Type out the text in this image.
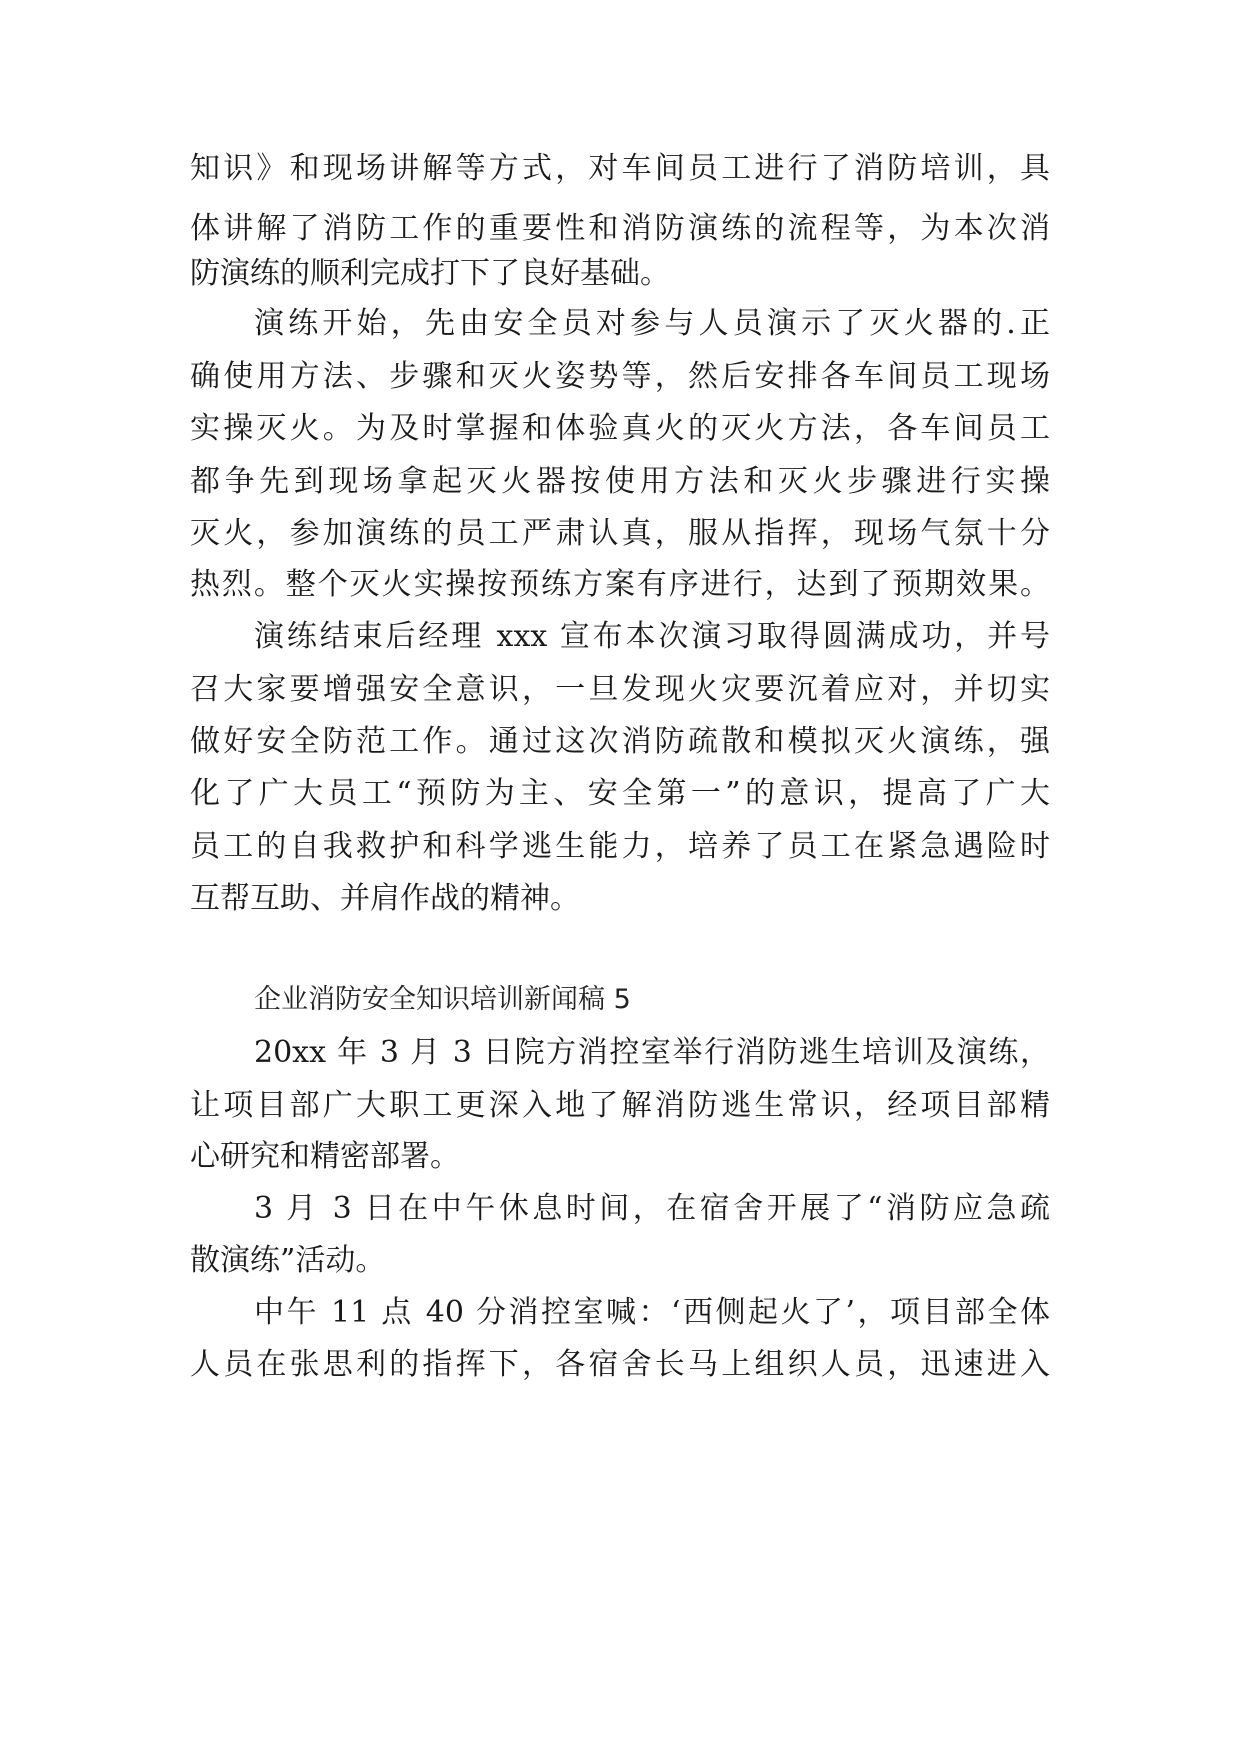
知识》和现场讲解等方式，对车间员工进行了消防培训，具
体讲解了消防工作的重要性和消防演练的流程等，为本次消
防演练的顺利完成打下了良好基础。
演练开始，先由安全员对参与人员演示了灭火器的.正
确使用方法、步骤和灭火姿势等，然后安排各车间员工现场
实操灭火。为及时掌握和体验真火的灭火方法，各车间员工
都争先到现场拿起灭火器按使用方法和灭火步骤进行实操
灭火，参加演练的员工严肃认真，服从指挥，现场气氛十分
热烈。整个灭火实操按预练方案有序进行，达到了预期效果。
演练结束后经理 xxx 宣布本次演习取得圆满成功，并号
召大家要增强安全意识，一旦发现火灾要沉着应对，并切实
做好安全防范工作。通过这次消防疏散和模拟灭火演练，强
化了广大员工“预防为主、安全第一”的意识，提高了广大
员工的自我救护和科学逃生能力，培养了员工在紧急遇险时
互帮互助、并肩作战的精神。
企业消防安全知识培训新闻稿 5
20xx 年 3 月 3 日院方消控室举行消防逃生培训及演练，
让项目部广大职工更深入地了解消防逃生常识，经项目部精
心研究和精密部署。
3 月 3 日在中午休息时间，在宿舍开展了“消防应急疏
散演练”活动。
中午 11 点 40 分消控室喊：‘西侧起火了’，项目部全体
人员在张思利的指挥下，各宿舍长马上组织人员，迅速进入
